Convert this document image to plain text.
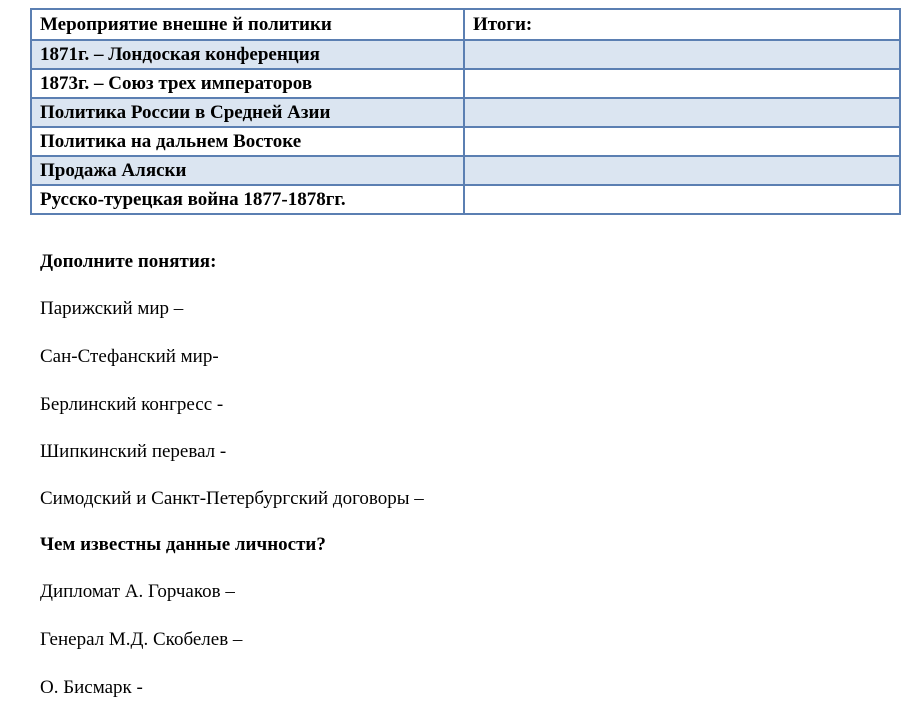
Мероприятие внешне й политики	Итоги:
1871г. – Лондоская конференция	
1873г. – Союз трех императоров	
Политика России в Средней Азии	
Политика на дальнем Востоке	
Продажа Аляски	
Русско-турецкая война 1877-1878гг.	

Дополните понятия:

Парижский мир –

Сан-Стефанский мир-

Берлинский конгресс -

Шипкинский перевал -

Симодский и Санкт-Петербургский договоры –

Чем известны данные личности?

Дипломат А. Горчаков –

Генерал М.Д. Скобелев –

О. Бисмарк -
